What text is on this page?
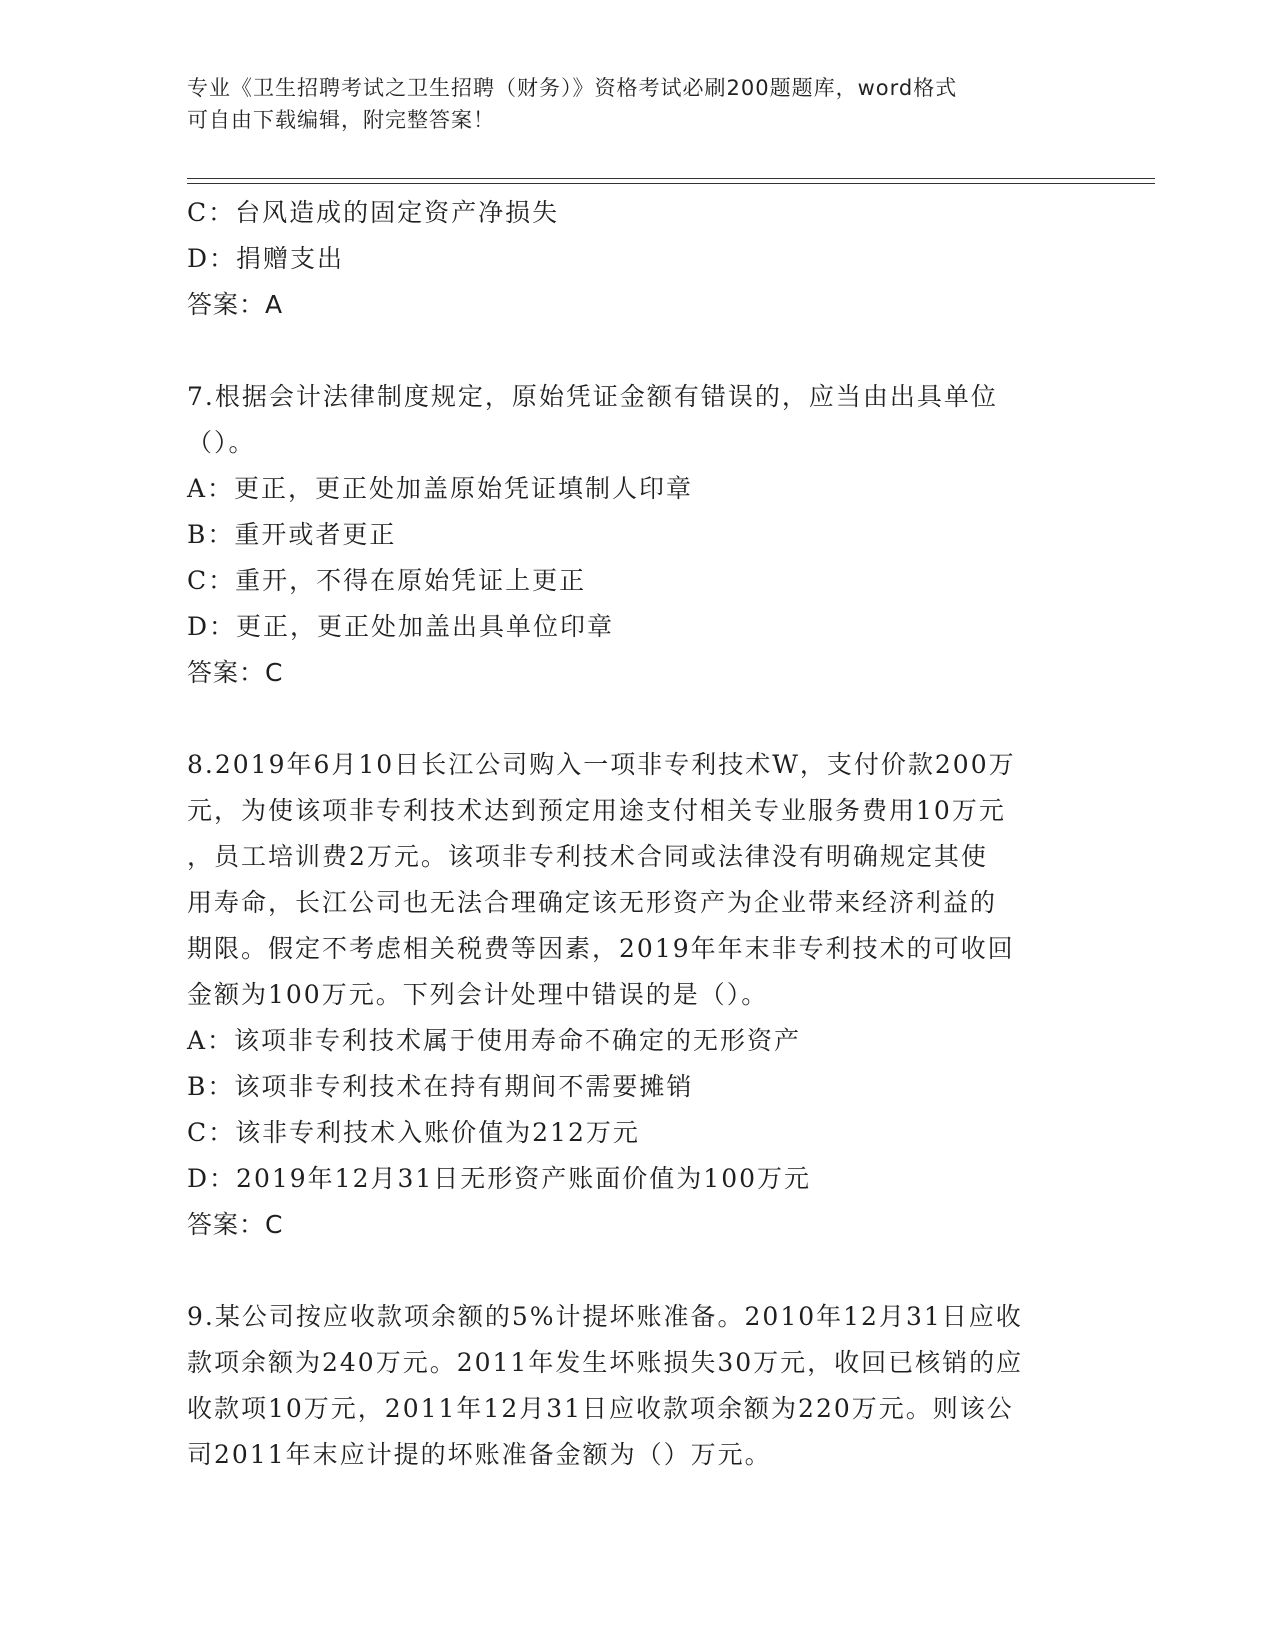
专业《卫生招聘考试之卫生招聘（财务）》资格考试必刷200题题库，word格式
可自由下载编辑，附完整答案！
C：台风造成的固定资产净损失
D：捐赠支出
答案：A
7.根据会计法律制度规定，原始凭证金额有错误的，应当由出具单位
（）。
A：更正，更正处加盖原始凭证填制人印章
B：重开或者更正
C：重开，不得在原始凭证上更正
D：更正，更正处加盖出具单位印章
答案：C
8.2019年6月10日长江公司购入一项非专利技术W，支付价款200万
元，为使该项非专利技术达到预定用途支付相关专业服务费用10万元
，员工培训费2万元。该项非专利技术合同或法律没有明确规定其使
用寿命，长江公司也无法合理确定该无形资产为企业带来经济利益的
期限。假定不考虑相关税费等因素，2019年年末非专利技术的可收回
金额为100万元。下列会计处理中错误的是（）。
A：该项非专利技术属于使用寿命不确定的无形资产
B：该项非专利技术在持有期间不需要摊销
C：该非专利技术入账价值为212万元
D：2019年12月31日无形资产账面价值为100万元
答案：C
9.某公司按应收款项余额的5%计提坏账准备。2010年12月31日应收
款项余额为240万元。2011年发生坏账损失30万元，收回已核销的应
收款项10万元，2011年12月31日应收款项余额为220万元。则该公
司2011年末应计提的坏账准备金额为（）万元。
